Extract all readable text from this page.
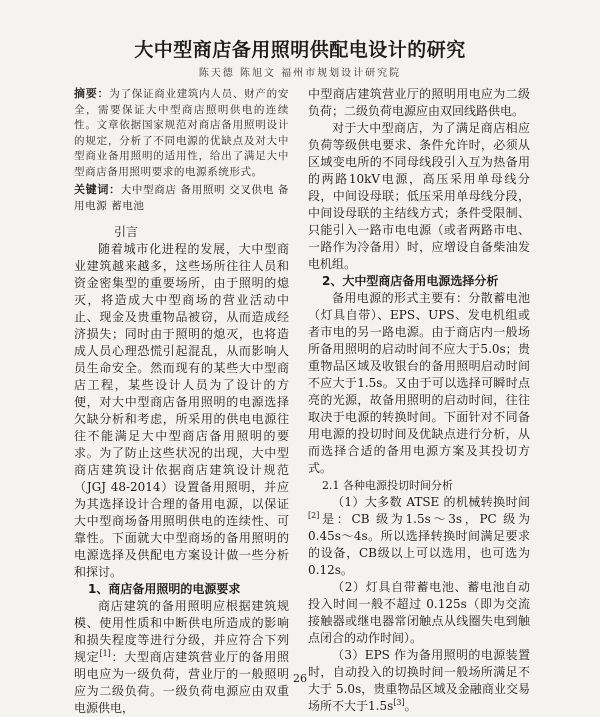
大中型商店备用照明供配电设计的研究
陈天德 陈旭文 福州市规划设计研究院

摘要：为了保证商业建筑内人员、财产的安全，需要保证大中型商店照明供电的连续性。文章依据国家规范对商店备用照明设计的规定，分析了不同电源的优缺点及对大中型商业备用照明的适用性，给出了满足大中型商店备用照明要求的电源系统形式。

关键词：大中型商店 备用照明 交叉供电 备用电源 蓄电池

引言

随着城市化进程的发展，大中型商业建筑越来越多，这些场所往往人员和资金密集型的重要场所，由于照明的熄灭，将造成大中型商场的营业活动中止、现金及贵重物品被窃，从而造成经济损失；同时由于照明的熄灭，也将造成人员心理恐慌引起混乱，从而影响人员生命安全。然而现有的某些大中型商店工程，某些设计人员为了设计的方便，对大中型商店备用照明的电源选择欠缺分析和考虑，所采用的供电电源往往不能满足大中型商店备用照明的要求。为了防止这些状况的出现，大中型商店建筑设计依据商店建筑设计规范（JGJ 48-2014）设置备用照明，并应为其选择设计合理的备用电源，以保证大中型商场备用照明供电的连续性、可靠性。下面就大中型商场的备用照明的电源选择及供配电方案设计做一些分析和探讨。

1、商店备用照明的电源要求

商店建筑的备用照明应根据建筑规模、使用性质和中断供电所造成的影响和损失程度等进行分级，并应符合下列规定[1]：大型商店建筑营业厅的备用照明电应为一级负荷，营业厅的一般照明应为二级负荷。一级负荷电源应由双重电源供电，

中型商店建筑营业厅的照明用电应为二级负荷；二级负荷电源应由双回线路供电。

对于大中型商店，为了满足商店相应负荷等级供电要求、条件允许时，必须从区域变电所的不同母线段引入互为热备用的两路10kV电源，高压采用单母线分段，中间设母联；低压采用单母线分段，中间设母联的主结线方式；条件受限制、只能引入一路市电电源（或者两路市电、一路作为冷备用）时，应增设自备柴油发电机组。

2、大中型商店备用电源选择分析

备用电源的形式主要有：分散蓄电池（灯具自带）、EPS、UPS、发电机组或者市电的另一路电源。由于商店内一般场所备用照明的启动时间不应大于5.0s；贵重物品区域及收银台的备用照明启动时间不应大于1.5s。又由于可以选择可瞬时点亮的光源，故备用照明的启动时间，往往取决于电源的转换时间。下面针对不同备用电源的投切时间及优缺点进行分析，从而选择合适的备用电源方案及其投切方式。

2.1 各种电源投切时间分析

（1）大多数 ATSE 的机械转换时间[2]是：CB 级为1.5s～3s，PC 级为 0.45s～4s。所以选择转换时间满足要求的设备，CB级以上可以选用，也可选为0.12s。

（2）灯具自带蓄电池、蓄电池自动投入时间一般不超过 0.125s（即为交流接触器或继电器常闭触点从线圈失电到触点闭合的动作时间）。

（3）EPS 作为备用照明的电源装置时，自动投入的切换时间一般场所满足不大于 5.0s，贵重物品区域及金融商业交易场所不大于1.5s[3]。

26
